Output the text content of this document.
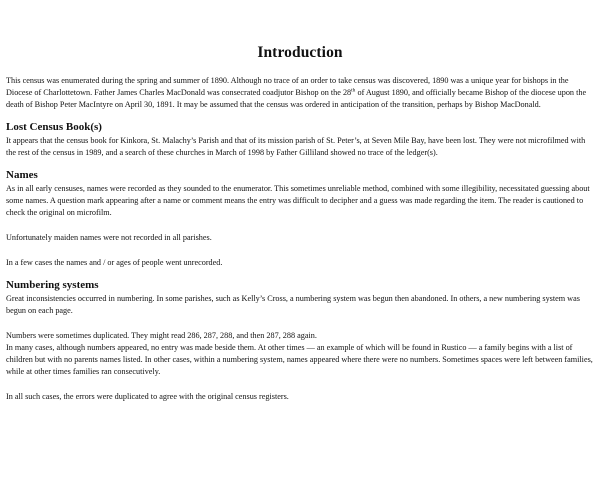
Introduction

This census was enumerated during the spring and summer of 1890. Although no trace of an order to take census was discovered, 1890 was a unique year for bishops in the Diocese of Charlottetown. Father James Charles MacDonald was consecrated coadjutor Bishop on the 28th of August 1890, and officially became Bishop of the diocese upon the death of Bishop Peter MacIntyre on April 30, 1891. It may be assumed that the census was ordered in anticipation of the transition, perhaps by Bishop MacDonald.

Lost Census Book(s)

It appears that the census book for Kinkora, St. Malachy’s Parish and that of its mission parish of St. Peter’s, at Seven Mile Bay, have been lost. They were not microfilmed with the rest of the census in 1989, and a search of these churches in March of 1998 by Father Gilliland showed no trace of the ledger(s).

Names

As in all early censuses, names were recorded as they sounded to the enumerator. This sometimes unreliable method, combined with some illegibility, necessitated guessing about some names. A question mark appearing after a name or comment means the entry was difficult to decipher and a guess was made regarding the item. The reader is cautioned to check the original on microfilm.

Unfortunately maiden names were not recorded in all parishes.

In a few cases the names and / or ages of people went unrecorded.

Numbering systems

Great inconsistencies occurred in numbering. In some parishes, such as Kelly’s Cross, a numbering system was begun then abandoned. In others, a new numbering system was begun on each page.

Numbers were sometimes duplicated. They might read 286, 287, 288, and then 287, 288 again.

In many cases, although numbers appeared, no entry was made beside them. At other times — an example of which will be found in Rustico — a family begins with a list of children but with no parents names listed. In other cases, within a numbering system, names appeared where there were no numbers. Sometimes spaces were left between families, while at other times families ran consecutively.

In all such cases, the errors were duplicated to agree with the original census registers.
